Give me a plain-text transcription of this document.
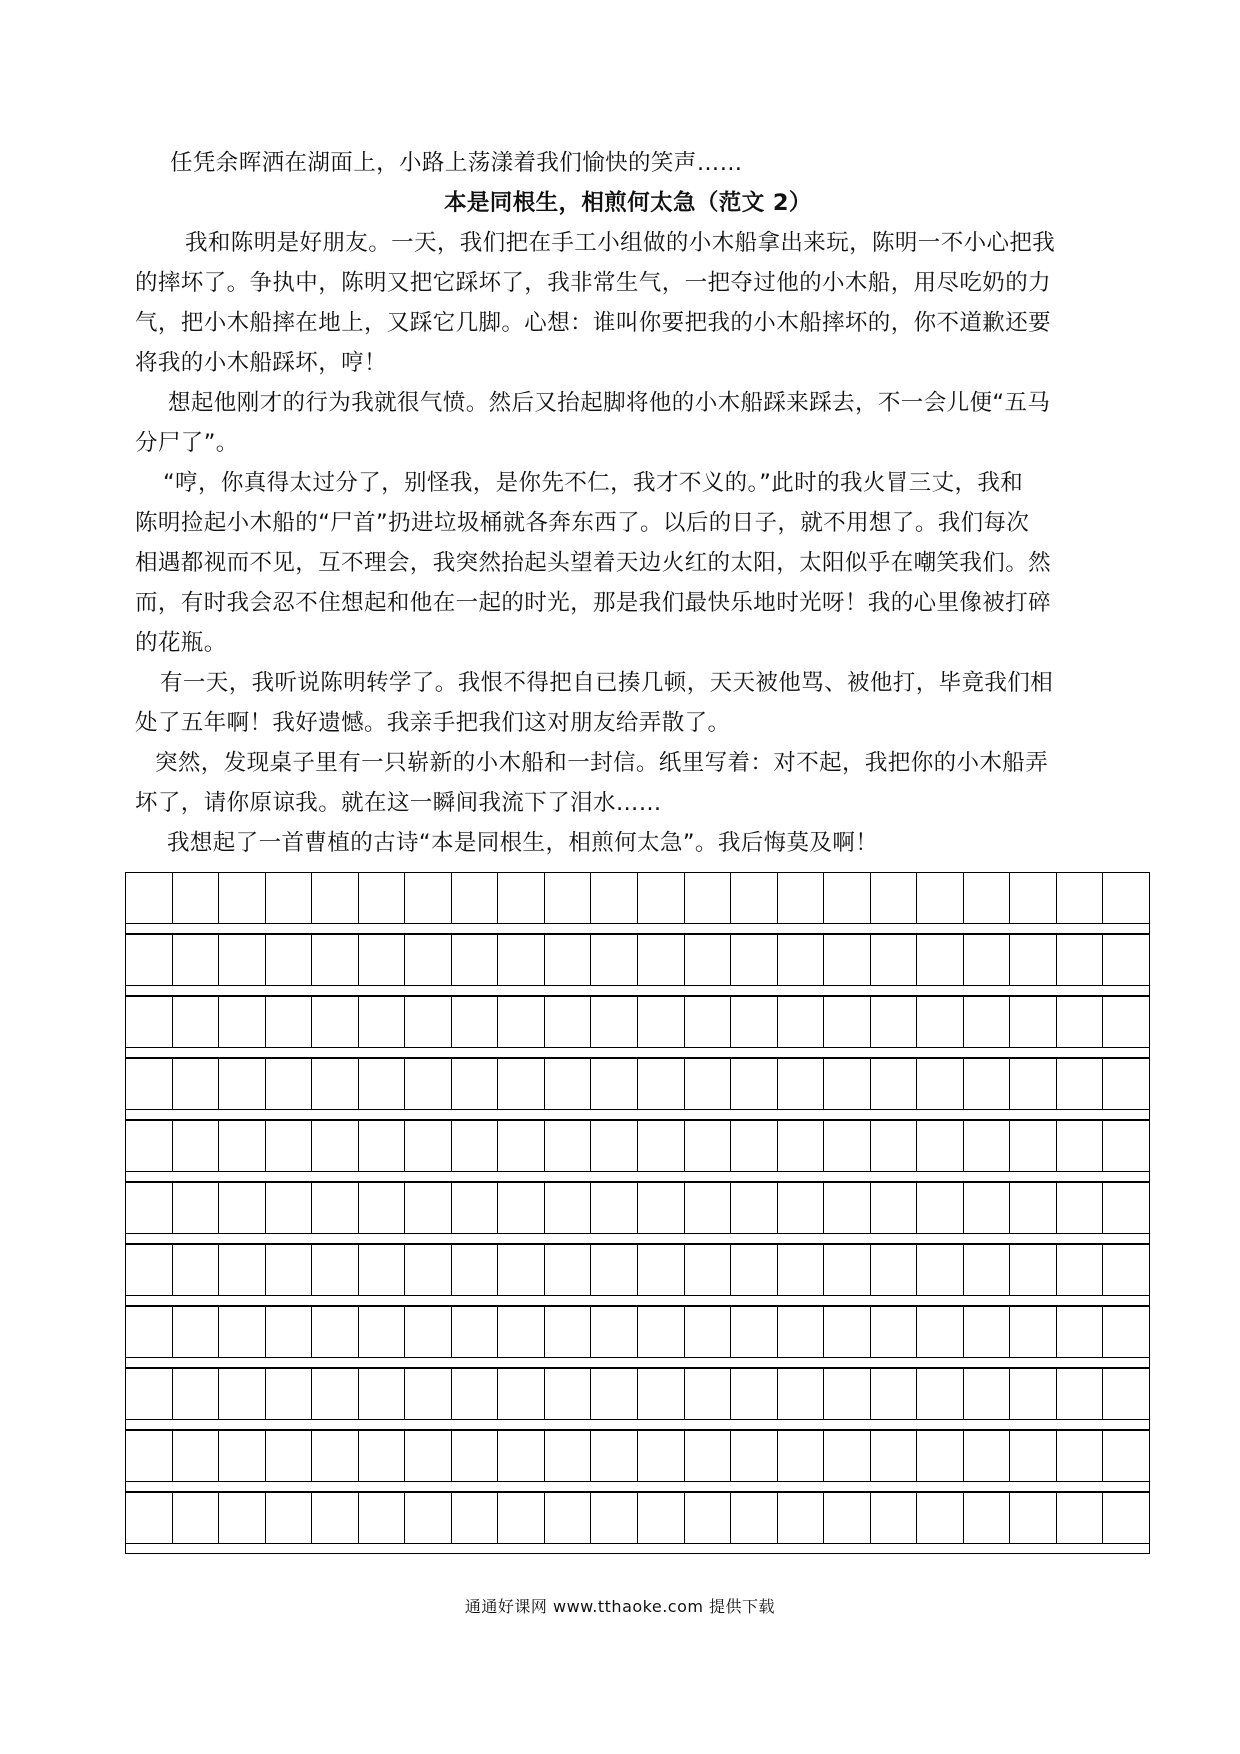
任凭余晖洒在湖面上，小路上荡漾着我们愉快的笑声……
本是同根生，相煎何太急（范文 2）
我和陈明是好朋友。一天，我们把在手工小组做的小木船拿出来玩，陈明一不小心把我
的摔坏了。争执中，陈明又把它踩坏了，我非常生气，一把夺过他的小木船，用尽吃奶的力
气，把小木船摔在地上，又踩它几脚。心想：谁叫你要把我的小木船摔坏的，你不道歉还要
将我的小木船踩坏，哼！
想起他刚才的行为我就很气愤。然后又抬起脚将他的小木船踩来踩去，不一会儿便“五马
分尸了”。
“哼，你真得太过分了，别怪我，是你先不仁，我才不义的。”此时的我火冒三丈，我和
陈明捡起小木船的“尸首”扔进垃圾桶就各奔东西了。以后的日子，就不用想了。我们每次
相遇都视而不见，互不理会，我突然抬起头望着天边火红的太阳，太阳似乎在嘲笑我们。然
而，有时我会忍不住想起和他在一起的时光，那是我们最快乐地时光呀！我的心里像被打碎
的花瓶。
有一天，我听说陈明转学了。我恨不得把自已揍几顿，天天被他骂、被他打，毕竟我们相
处了五年啊！我好遗憾。我亲手把我们这对朋友给弄散了。
突然，发现桌子里有一只崭新的小木船和一封信。纸里写着：对不起，我把你的小木船弄
坏了，请你原谅我。就在这一瞬间我流下了泪水……
我想起了一首曹植的古诗“本是同根生，相煎何太急”。我后悔莫及啊！
通通好课网 www.tthaoke.com 提供下载
